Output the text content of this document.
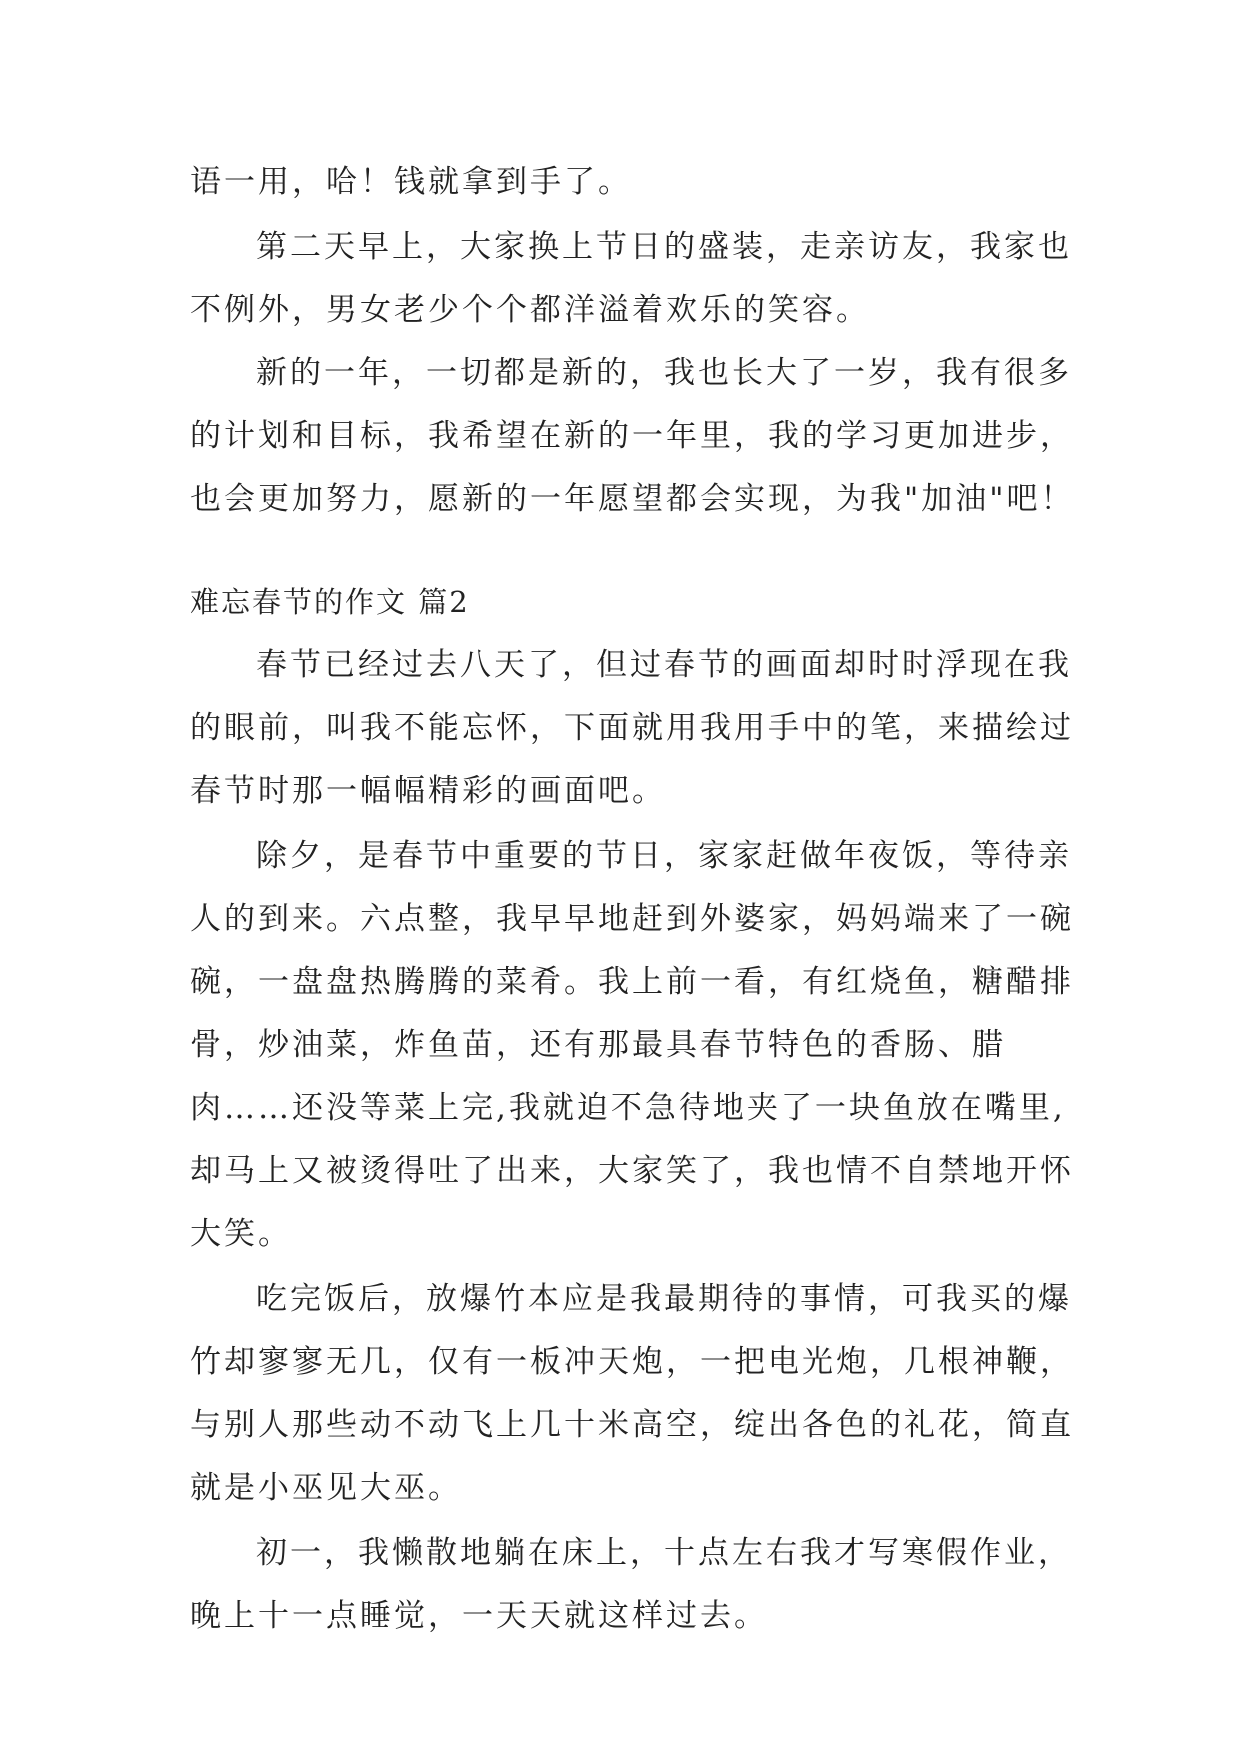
语一用，哈！钱就拿到手了。
第二天早上，大家换上节日的盛装，走亲访友，我家也
不例外，男女老少个个都洋溢着欢乐的笑容。
新的一年，一切都是新的，我也长大了一岁，我有很多
的计划和目标，我希望在新的一年里，我的学习更加进步，
也会更加努力，愿新的一年愿望都会实现，为我"加油"吧！
难忘春节的作文 篇2
春节已经过去八天了，但过春节的画面却时时浮现在我
的眼前，叫我不能忘怀，下面就用我用手中的笔，来描绘过
春节时那一幅幅精彩的画面吧。
除夕，是春节中重要的节日，家家赶做年夜饭，等待亲
人的到来。六点整，我早早地赶到外婆家，妈妈端来了一碗
碗，一盘盘热腾腾的菜肴。我上前一看，有红烧鱼，糖醋排
骨，炒油菜，炸鱼苗，还有那最具春节特色的香肠、腊
肉……还没等菜上完,我就迫不急待地夹了一块鱼放在嘴里,
却马上又被烫得吐了出来，大家笑了，我也情不自禁地开怀
大笑。
吃完饭后，放爆竹本应是我最期待的事情，可我买的爆
竹却寥寥无几，仅有一板冲天炮，一把电光炮，几根神鞭，
与别人那些动不动飞上几十米高空，绽出各色的礼花，简直
就是小巫见大巫。
初一，我懒散地躺在床上，十点左右我才写寒假作业，
晚上十一点睡觉，一天天就这样过去。
